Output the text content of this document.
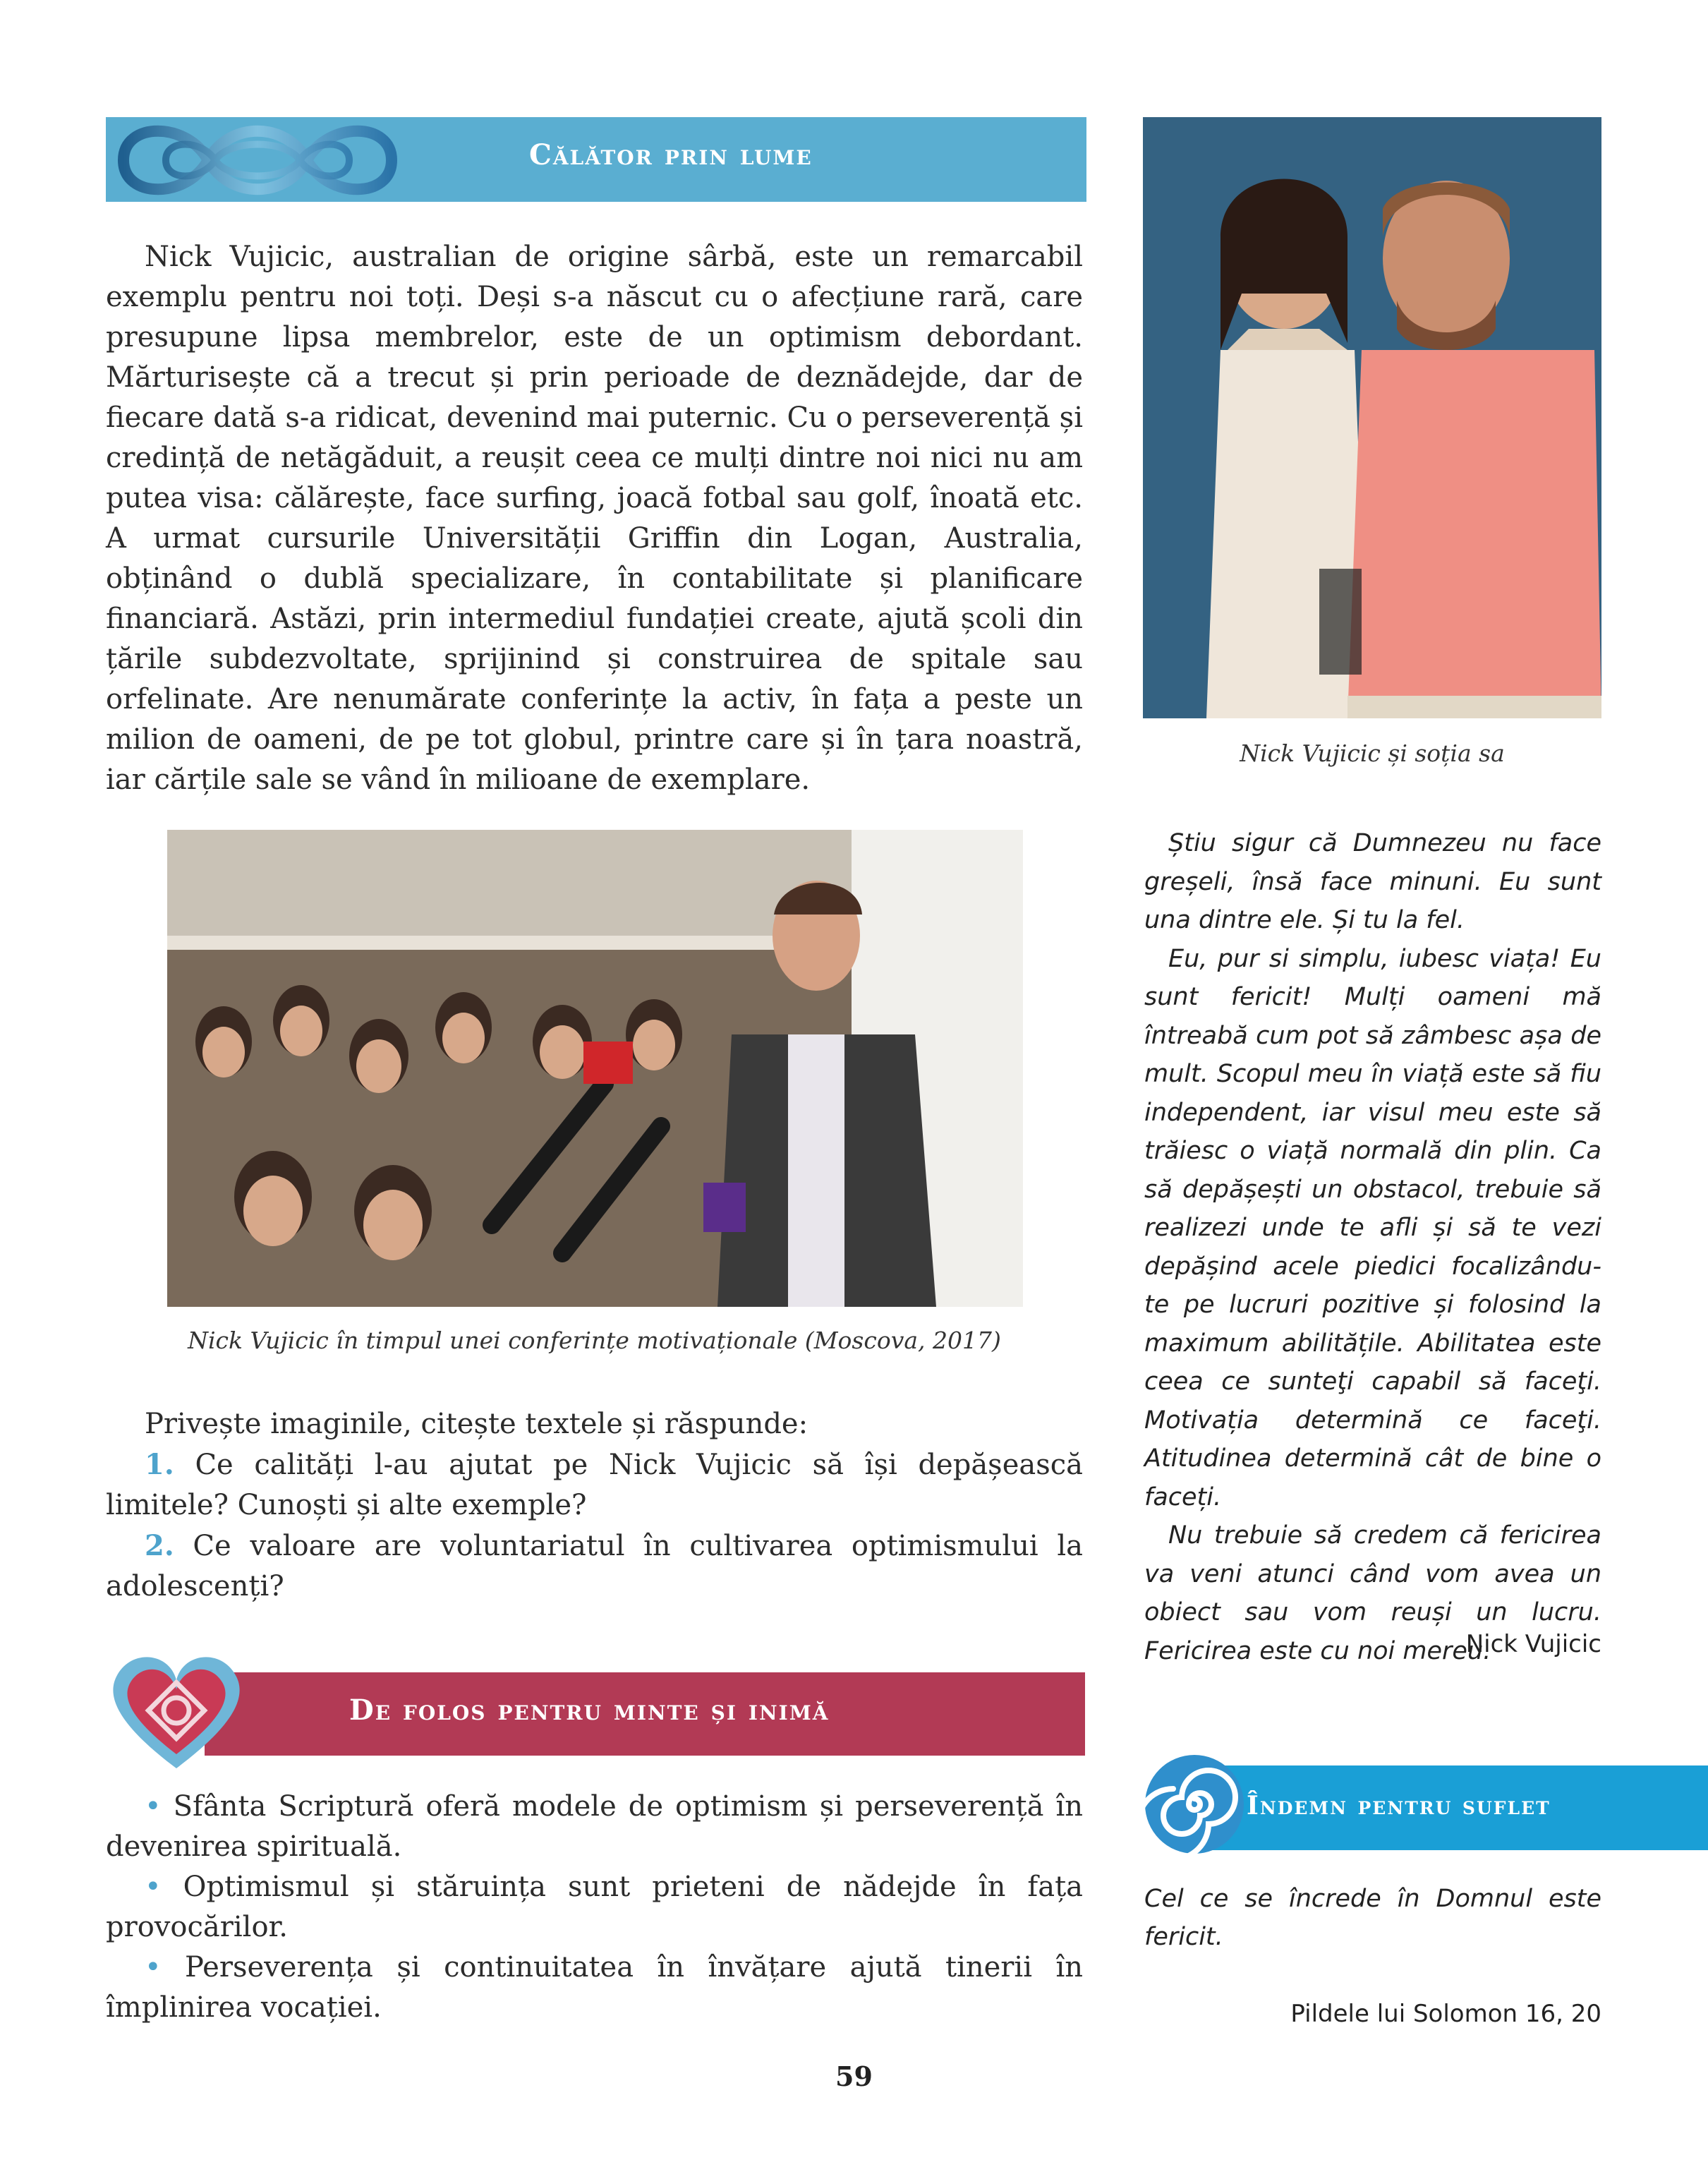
Călător prin lume

Nick Vujicic, australian de origine sârbă, este un remarcabil exemplu pentru noi toți. Deși s-a născut cu o afecțiune rară, care presupune lipsa membrelor, este de un optimism debordant. Mărturisește că a trecut și prin perioade de deznădejde, dar de fiecare dată s-a ridicat, devenind mai puternic. Cu o perseverență și credință de netăgăduit, a reușit ceea ce mulți dintre noi nici nu am putea visa: călărește, face surfing, joacă fotbal sau golf, înoată etc. A urmat cursurile Universității Griffin din Logan, Australia, obținând o dublă specializare, în contabilitate și planificare financiară. Astăzi, prin intermediul fundației create, ajută școli din țările subdezvoltate, sprijinind și construirea de spitale sau orfelinate. Are nenumărate conferințe la activ, în fața a peste un milion de oameni, de pe tot globul, printre care și în țara noastră, iar cărțile sale se vând în milioane de exemplare.

Nick Vujicic și soția sa
Nick Vujicic în timpul unei conferințe motivaționale (Moscova, 2017)

Privește imaginile, citește textele și răspunde:

1. Ce calități l-au ajutat pe Nick Vujicic să își depășească limitele? Cunoști și alte exemple?

2. Ce valoare are voluntariatul în cultivarea optimismului la adolescenți?

Știu sigur că Dumnezeu nu face greșeli, însă face minuni. Eu sunt una dintre ele. Și tu la fel.

Eu, pur si simplu, iubesc viața! Eu sunt fericit! Mulți oameni mă întreabă cum pot să zâmbesc așa de mult. Scopul meu în viață este să fiu independent, iar visul meu este să trăiesc o viață normală din plin. Ca să depășești un obstacol, trebuie să realizezi unde te afli și să te vezi depășind acele piedici focalizându-te pe lucruri pozitive și folosind la maximum abilitățile. Abilitatea este ceea ce sunteţi capabil să faceţi. Motivația determină ce faceţi. Atitudinea determină cât de bine o faceți.

Nu trebuie să credem că fericirea va veni atunci când vom avea un obiect sau vom reuși un lucru. Fericirea este cu noi mereu.

Nick Vujicic
De folos pentru minte și inimă

• Sfânta Scriptură oferă modele de optimism și perseverență în devenirea spirituală.

• Optimismul și stăruința sunt prieteni de nădejde în fața provocărilor.

• Perseverența și continuitatea în învățare ajută tinerii în împlinirea vocației.

Îndemn pentru suflet
Cel ce se încrede în Domnul este fericit.
Pildele lui Solomon 16, 20
59
